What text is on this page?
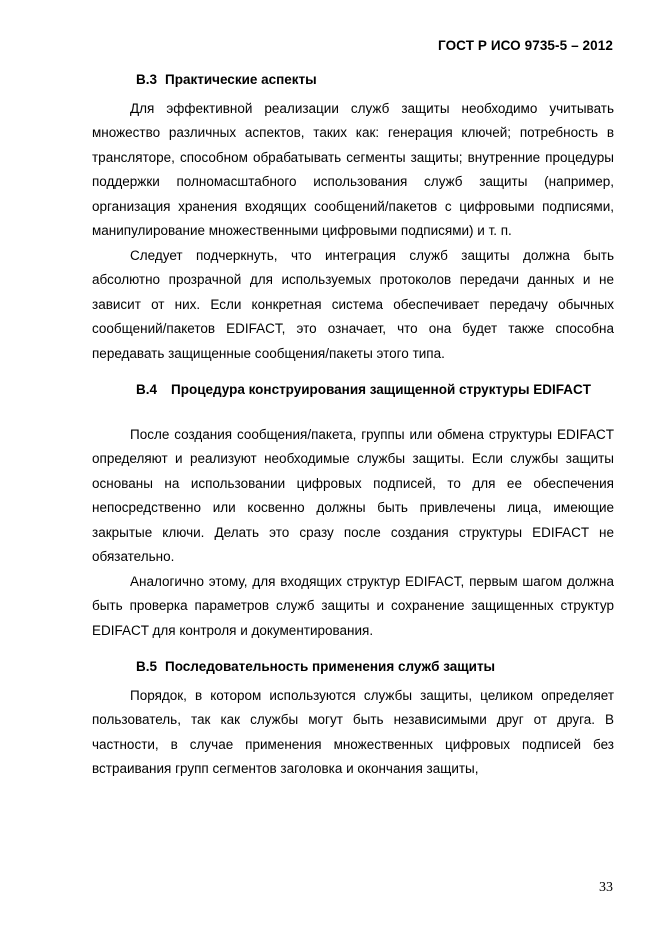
ГОСТ Р ИСО 9735-5 – 2012
B.3 Практические аспекты

Для эффективной реализации служб защиты необходимо учитывать множество различных аспектов, таких как: генерация ключей; потребность в трансляторе, способном обрабатывать сегменты защиты; внутренние процедуры поддержки полномасштабного использования служб защиты (например, организация хранения входящих сообщений/пакетов с цифровыми подписями, манипулирование множественными цифровыми подписями) и т. п.

Следует подчеркнуть, что интеграция служб защиты должна быть абсолютно прозрачной для используемых протоколов передачи данных и не зависит от них. Если конкретная система обеспечивает передачу обычных сообщений/пакетов EDIFACT, это означает, что она будет также способна передавать защищенные сообщения/пакеты этого типа.

B.4 Процедура конструирования защищенной структуры EDIFACT

После создания сообщения/пакета, группы или обмена структуры EDIFACT определяют и реализуют необходимые службы защиты. Если службы защиты основаны на использовании цифровых подписей, то для ее обеспечения непосредственно или косвенно должны быть привлечены лица, имеющие закрытые ключи. Делать это сразу после создания структуры EDIFACT не обязательно.

Аналогично этому, для входящих структур EDIFACT, первым шагом должна быть проверка параметров служб защиты и сохранение защищенных структур EDIFACT для контроля и документирования.

B.5 Последовательность применения служб защиты

Порядок, в котором используются службы защиты, целиком определяет пользователь, так как службы могут быть независимыми друг от друга. В частности, в случае применения множественных цифровых подписей без встраивания групп сегментов заголовка и окончания защиты,

33
